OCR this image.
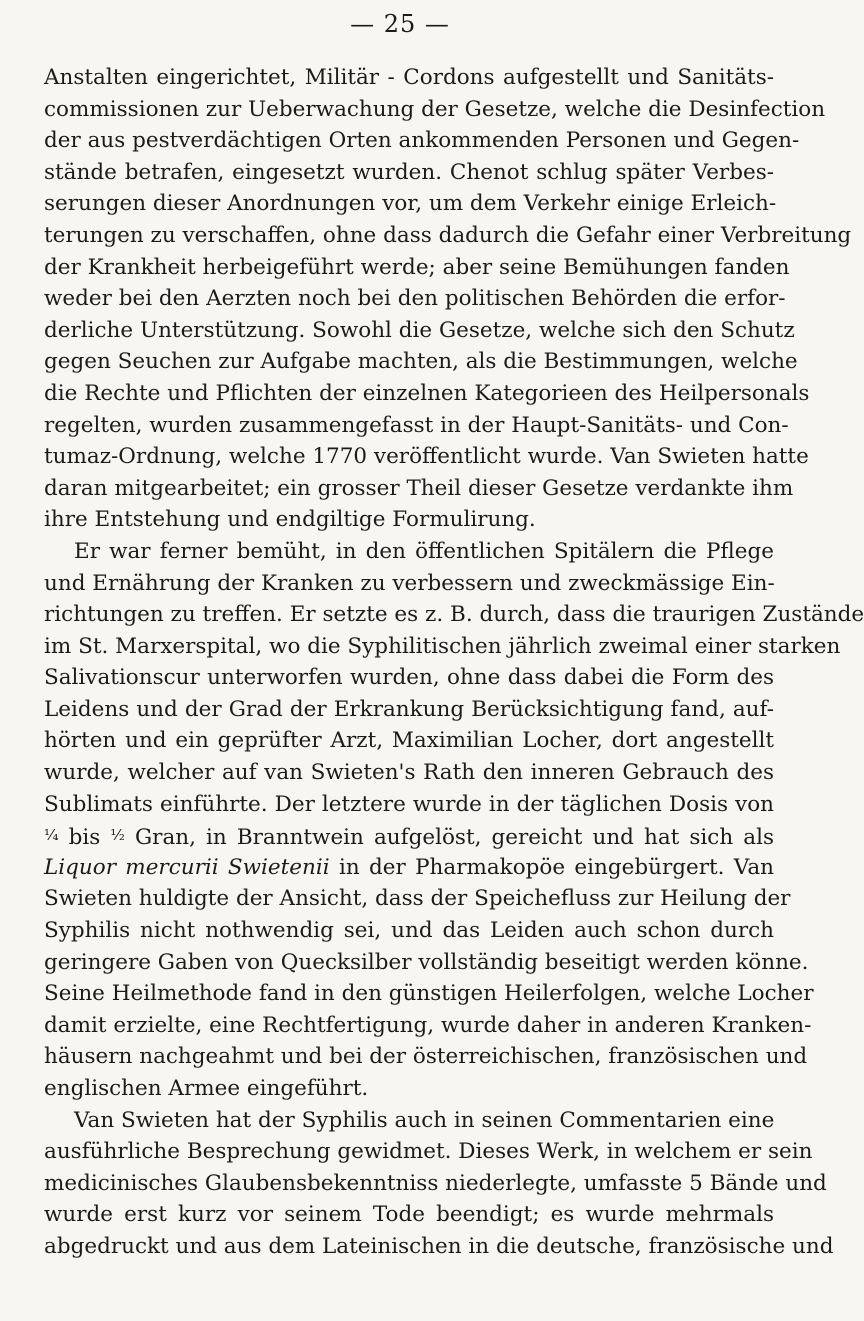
— 25 —
Anstalten eingerichtet, Militär - Cordons aufgestellt und Sanitäts-
commissionen zur Ueberwachung der Gesetze, welche die Desinfection
der aus pestverdächtigen Orten ankommenden Personen und Gegen-
stände betrafen, eingesetzt wurden. Chenot schlug später Verbes-
serungen dieser Anordnungen vor, um dem Verkehr einige Erleich-
terungen zu verschaffen, ohne dass dadurch die Gefahr einer Verbreitung
der Krankheit herbeigeführt werde; aber seine Bemühungen fanden
weder bei den Aerzten noch bei den politischen Behörden die erfor-
derliche Unterstützung. Sowohl die Gesetze, welche sich den Schutz
gegen Seuchen zur Aufgabe machten, als die Bestimmungen, welche
die Rechte und Pflichten der einzelnen Kategorieen des Heilpersonals
regelten, wurden zusammengefasst in der Haupt-Sanitäts- und Con-
tumaz-Ordnung, welche 1770 veröffentlicht wurde. Van Swieten hatte
daran mitgearbeitet; ein grosser Theil dieser Gesetze verdankte ihm
ihre Entstehung und endgiltige Formulirung.
Er war ferner bemüht, in den öffentlichen Spitälern die Pflege
und Ernährung der Kranken zu verbessern und zweckmässige Ein-
richtungen zu treffen. Er setzte es z. B. durch, dass die traurigen Zustände
im St. Marxerspital, wo die Syphilitischen jährlich zweimal einer starken
Salivationscur unterworfen wurden, ohne dass dabei die Form des
Leidens und der Grad der Erkrankung Berücksichtigung fand, auf-
hörten und ein geprüfter Arzt, Maximilian Locher, dort angestellt
wurde, welcher auf van Swieten's Rath den inneren Gebrauch des
Sublimats einführte. Der letztere wurde in der täglichen Dosis von
¹⁄₄ bis ¹⁄₂ Gran, in Branntwein aufgelöst, gereicht und hat sich als
Liquor mercurii Swietenii in der Pharmakopöe eingebürgert. Van
Swieten huldigte der Ansicht, dass der Speichefluss zur Heilung der
Syphilis nicht nothwendig sei, und das Leiden auch schon durch
geringere Gaben von Quecksilber vollständig beseitigt werden könne.
Seine Heilmethode fand in den günstigen Heilerfolgen, welche Locher
damit erzielte, eine Rechtfertigung, wurde daher in anderen Kranken-
häusern nachgeahmt und bei der österreichischen, französischen und
englischen Armee eingeführt.
Van Swieten hat der Syphilis auch in seinen Commentarien eine
ausführliche Besprechung gewidmet. Dieses Werk, in welchem er sein
medicinisches Glaubensbekenntniss niederlegte, umfasste 5 Bände und
wurde erst kurz vor seinem Tode beendigt; es wurde mehrmals
abgedruckt und aus dem Lateinischen in die deutsche, französische und
